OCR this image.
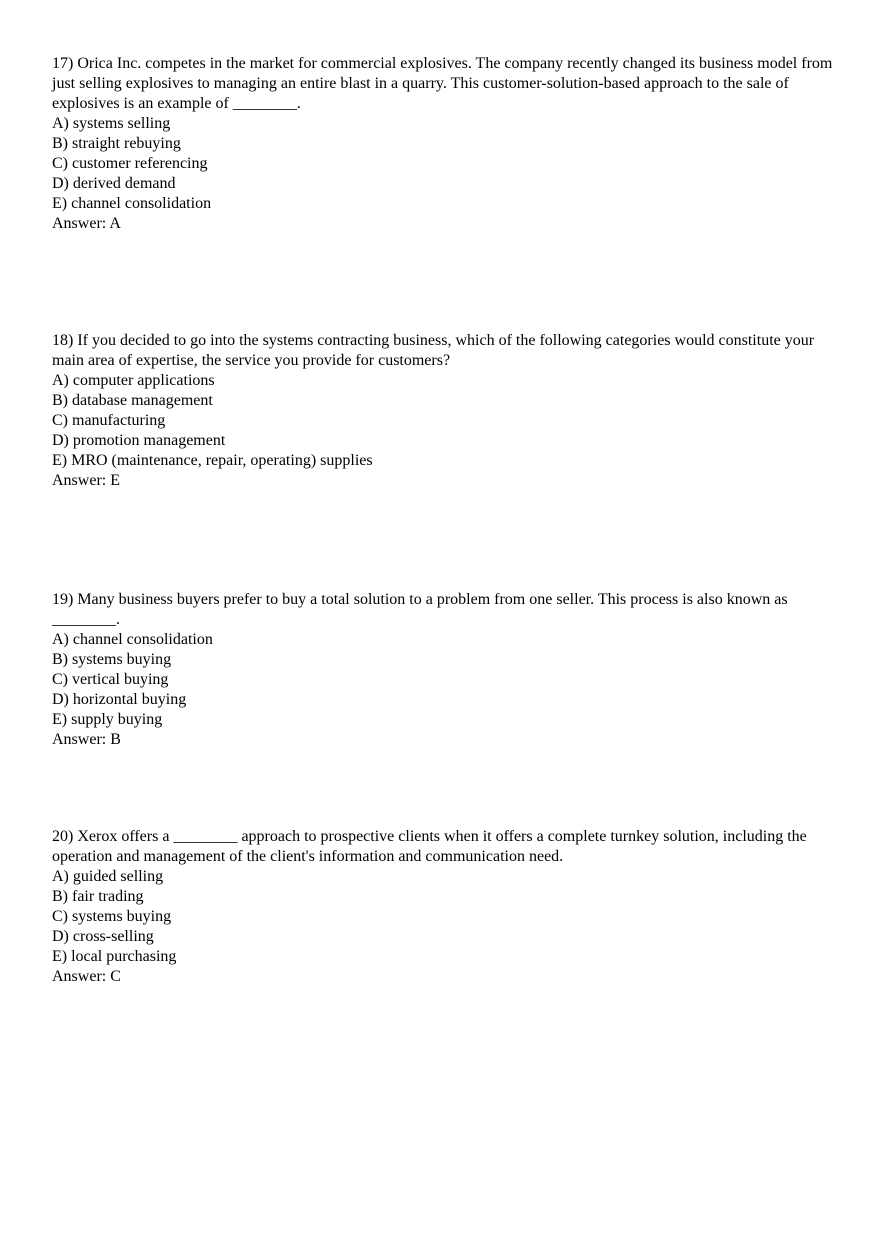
17) Orica Inc. competes in the market for commercial explosives. The company recently changed its business model from just selling explosives to managing an entire blast in a quarry. This customer-solution-based approach to the sale of explosives is an example of ________.

A) systems selling
B) straight rebuying
C) customer referencing
D) derived demand
E) channel consolidation

Answer: A

18) If you decided to go into the systems contracting business, which of the following categories would constitute your main area of expertise, the service you provide for customers?

A) computer applications
B) database management
C) manufacturing
D) promotion management
E) MRO (maintenance, repair, operating) supplies

Answer: E

19) Many business buyers prefer to buy a total solution to a problem from one seller. This process is also known as ________.

A) channel consolidation
B) systems buying
C) vertical buying
D) horizontal buying
E) supply buying

Answer: B

20) Xerox offers a ________ approach to prospective clients when it offers a complete turnkey solution, including the operation and management of the client's information and communication need.

A) guided selling
B) fair trading
C) systems buying
D) cross-selling
E) local purchasing

Answer: C
